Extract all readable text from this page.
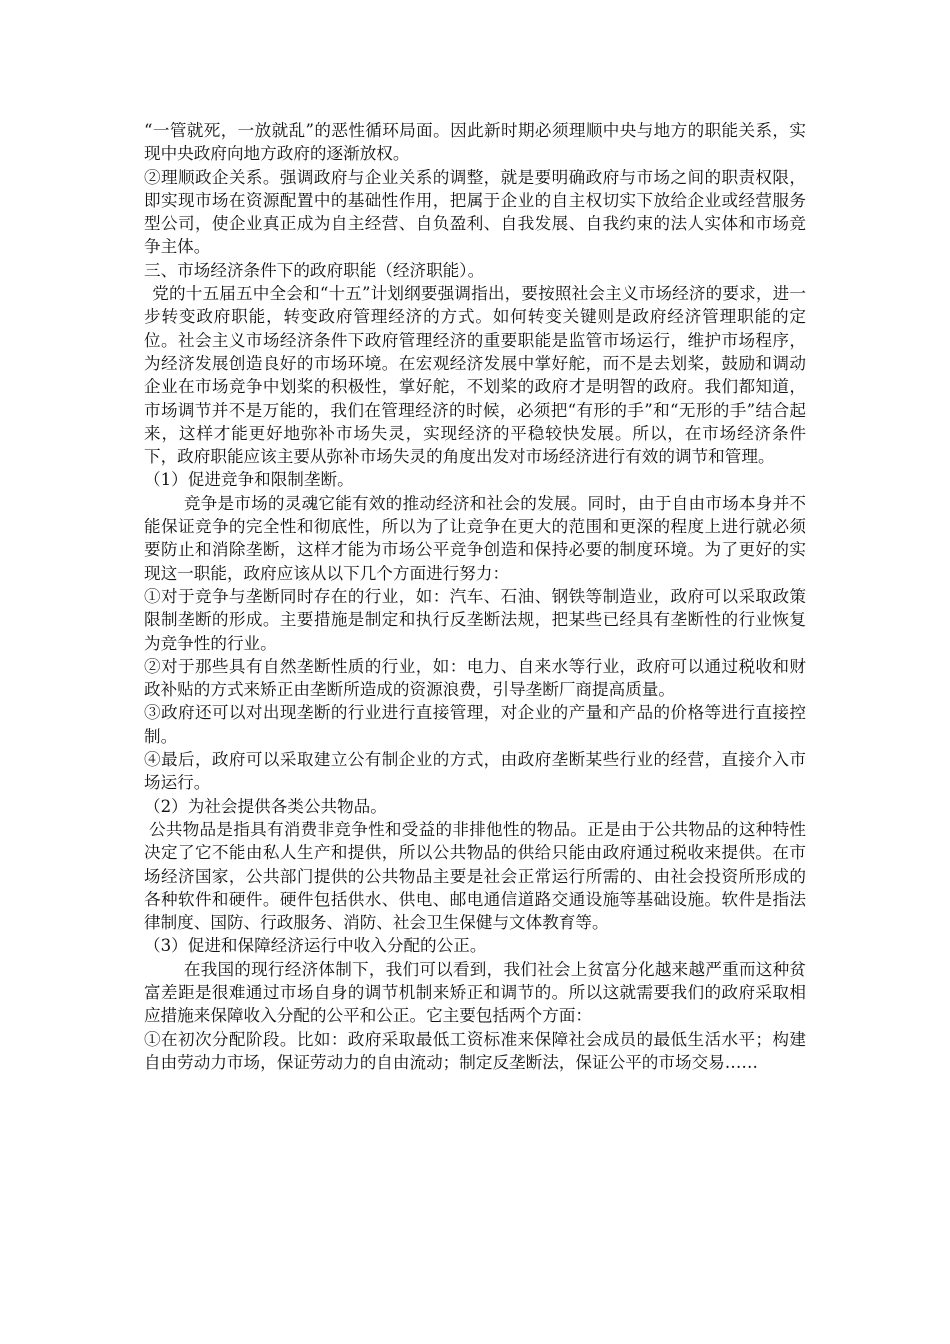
“一管就死，一放就乱”的恶性循环局面。因此新时期必须理顺中央与地方的职能关系，实现中央政府向地方政府的逐渐放权。

②理顺政企关系。强调政府与企业关系的调整，就是要明确政府与市场之间的职责权限，即实现市场在资源配置中的基础性作用，把属于企业的自主权切实下放给企业或经营服务型公司，使企业真正成为自主经营、自负盈利、自我发展、自我约束的法人实体和市场竞争主体。

三、市场经济条件下的政府职能（经济职能）。

党的十五届五中全会和“十五”计划纲要强调指出，要按照社会主义市场经济的要求，进一步转变政府职能，转变政府管理经济的方式。如何转变关键则是政府经济管理职能的定位。社会主义市场经济条件下政府管理经济的重要职能是监管市场运行，维护市场程序，为经济发展创造良好的市场环境。在宏观经济发展中掌好舵，而不是去划桨，鼓励和调动企业在市场竞争中划桨的积极性，掌好舵，不划桨的政府才是明智的政府。我们都知道，市场调节并不是万能的，我们在管理经济的时候，必须把“有形的手”和“无形的手”结合起来，这样才能更好地弥补市场失灵，实现经济的平稳较快发展。所以，在市场经济条件下，政府职能应该主要从弥补市场失灵的角度出发对市场经济进行有效的调节和管理。

（1）促进竞争和限制垄断。

竞争是市场的灵魂它能有效的推动经济和社会的发展。同时，由于自由市场本身并不能保证竞争的完全性和彻底性，所以为了让竞争在更大的范围和更深的程度上进行就必须要防止和消除垄断，这样才能为市场公平竞争创造和保持必要的制度环境。为了更好的实现这一职能，政府应该从以下几个方面进行努力：

①对于竞争与垄断同时存在的行业，如：汽车、石油、钢铁等制造业，政府可以采取政策限制垄断的形成。主要措施是制定和执行反垄断法规，把某些已经具有垄断性的行业恢复为竞争性的行业。

②对于那些具有自然垄断性质的行业，如：电力、自来水等行业，政府可以通过税收和财政补贴的方式来矫正由垄断所造成的资源浪费，引导垄断厂商提高质量。

③政府还可以对出现垄断的行业进行直接管理，对企业的产量和产品的价格等进行直接控制。

④最后，政府可以采取建立公有制企业的方式，由政府垄断某些行业的经营，直接介入市场运行。

（2）为社会提供各类公共物品。

公共物品是指具有消费非竞争性和受益的非排他性的物品。正是由于公共物品的这种特性决定了它不能由私人生产和提供，所以公共物品的供给只能由政府通过税收来提供。在市场经济国家，公共部门提供的公共物品主要是社会正常运行所需的、由社会投资所形成的各种软件和硬件。硬件包括供水、供电、邮电通信道路交通设施等基础设施。软件是指法律制度、国防、行政服务、消防、社会卫生保健与文体教育等。

（3）促进和保障经济运行中收入分配的公正。

在我国的现行经济体制下，我们可以看到，我们社会上贫富分化越来越严重而这种贫富差距是很难通过市场自身的调节机制来矫正和调节的。所以这就需要我们的政府采取相应措施来保障收入分配的公平和公正。它主要包括两个方面：

①在初次分配阶段。比如：政府采取最低工资标准来保障社会成员的最低生活水平；构建自由劳动力市场，保证劳动力的自由流动；制定反垄断法，保证公平的市场交易……
